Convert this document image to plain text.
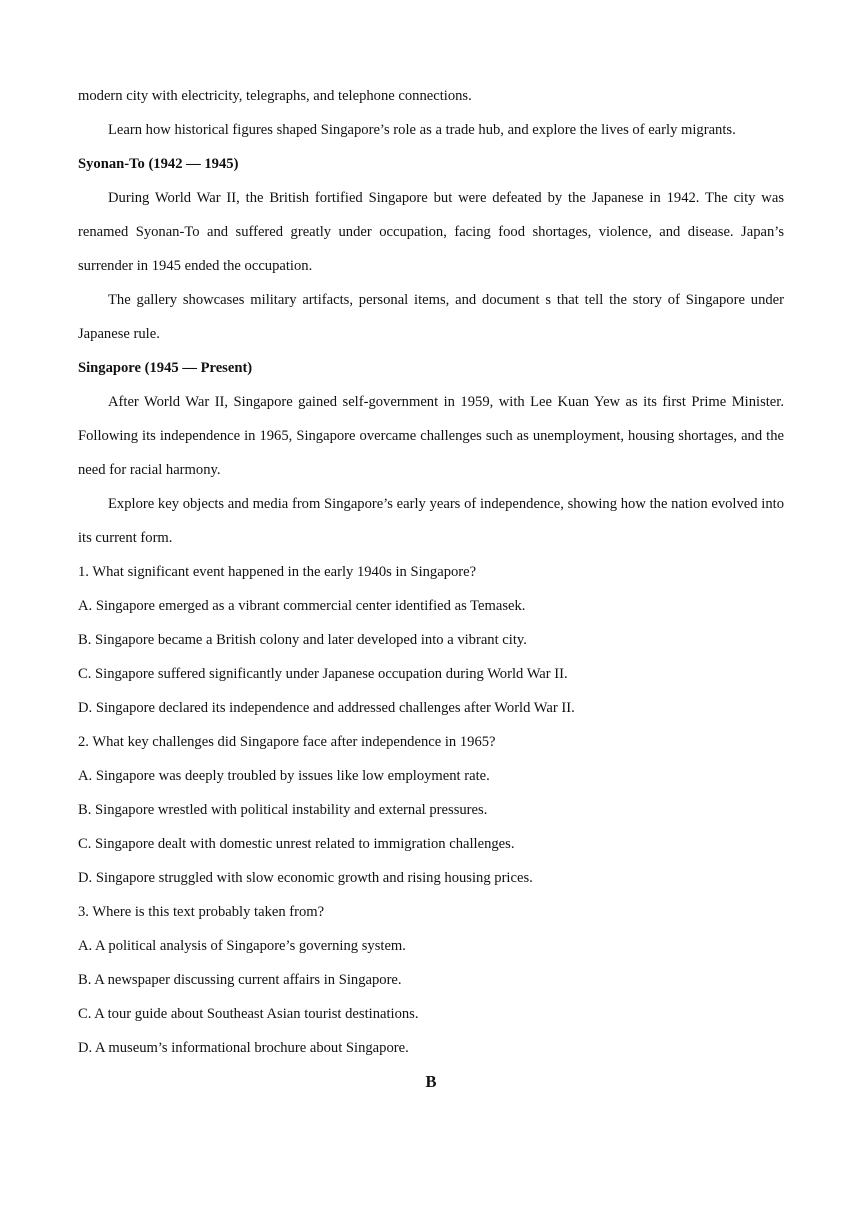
modern city with electricity, telegraphs, and telephone connections.

Learn how historical figures shaped Singapore’s role as a trade hub, and explore the lives of early migrants.

Syonan-To (1942 — 1945)

During World War II, the British fortified Singapore but were defeated by the Japanese in 1942. The city was renamed Syonan-To and suffered greatly under occupation, facing food shortages, violence, and disease. Japan’s surrender in 1945 ended the occupation.

The gallery showcases military artifacts, personal items, and document s that tell the story of Singapore under Japanese rule.

Singapore (1945 — Present)

After World War II, Singapore gained self-government in 1959, with Lee Kuan Yew as its first Prime Minister. Following its independence in 1965, Singapore overcame challenges such as unemployment, housing shortages, and the need for racial harmony.

Explore key objects and media from Singapore’s early years of independence, showing how the nation evolved into its current form.

1. What significant event happened in the early 1940s in Singapore?
A. Singapore emerged as a vibrant commercial center identified as Temasek.
B. Singapore became a British colony and later developed into a vibrant city.
C. Singapore suffered significantly under Japanese occupation during World War II.
D. Singapore declared its independence and addressed challenges after World War II.
2. What key challenges did Singapore face after independence in 1965?
A. Singapore was deeply troubled by issues like low employment rate.
B. Singapore wrestled with political instability and external pressures.
C. Singapore dealt with domestic unrest related to immigration challenges.
D. Singapore struggled with slow economic growth and rising housing prices.
3. Where is this text probably taken from?
A. A political analysis of Singapore’s governing system.
B. A newspaper discussing current affairs in Singapore.
C. A tour guide about Southeast Asian tourist destinations.
D. A museum’s informational brochure about Singapore.
B
